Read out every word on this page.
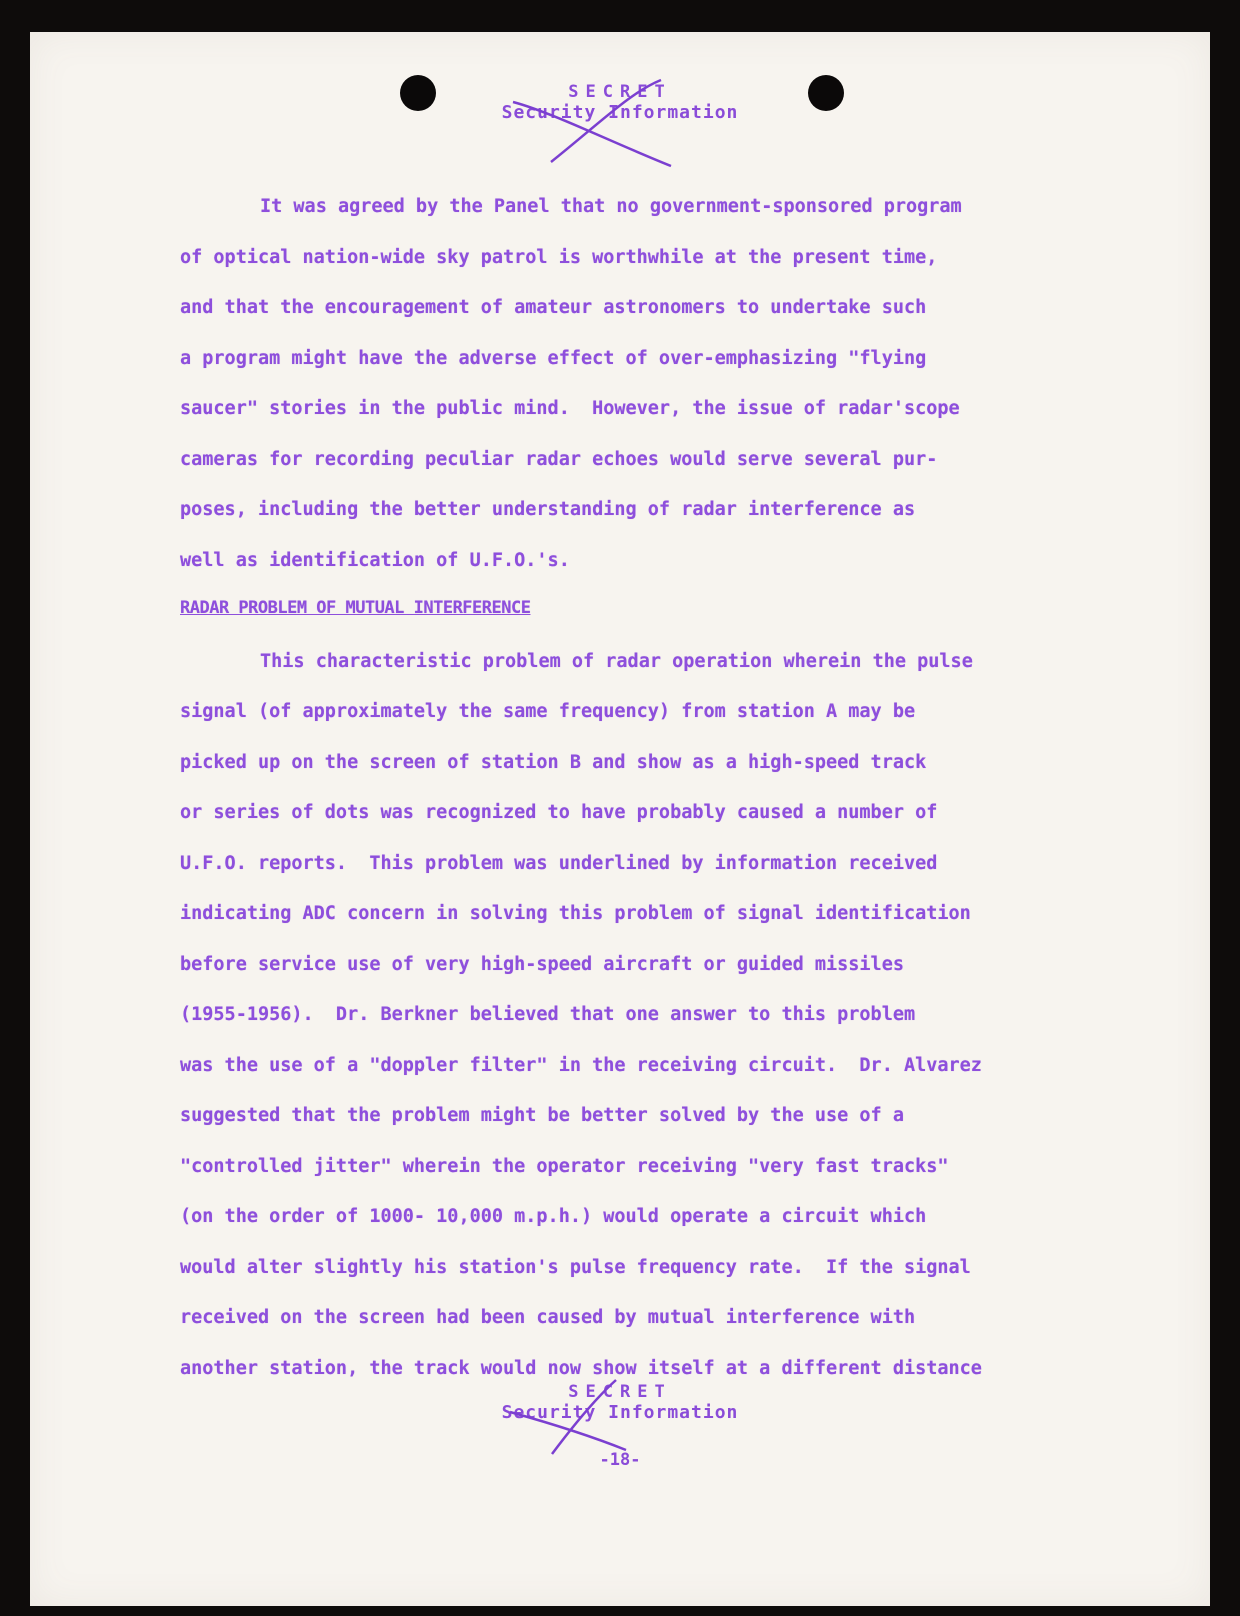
SECRET
Security Information
It was agreed by the Panel that no government-sponsored program
of optical nation-wide sky patrol is worthwhile at the present time,
and that the encouragement of amateur astronomers to undertake such
a program might have the adverse effect of over-emphasizing "flying
saucer" stories in the public mind.  However, the issue of radar'scope
cameras for recording peculiar radar echoes would serve several pur-
poses, including the better understanding of radar interference as
well as identification of U.F.O.'s.
RADAR PROBLEM OF MUTUAL INTERFERENCE
This characteristic problem of radar operation wherein the pulse
signal (of approximately the same frequency) from station A may be
picked up on the screen of station B and show as a high-speed track
or series of dots was recognized to have probably caused a number of
U.F.O. reports.  This problem was underlined by information received
indicating ADC concern in solving this problem of signal identification
before service use of very high-speed aircraft or guided missiles
(1955-1956).  Dr. Berkner believed that one answer to this problem
was the use of a "doppler filter" in the receiving circuit.  Dr. Alvarez
suggested that the problem might be better solved by the use of a
"controlled jitter" wherein the operator receiving "very fast tracks"
(on the order of 1000- 10,000 m.p.h.) would operate a circuit which
would alter slightly his station's pulse frequency rate.  If the signal
received on the screen had been caused by mutual interference with
another station, the track would now show itself at a different distance
SECRET
Security Information
-18-
